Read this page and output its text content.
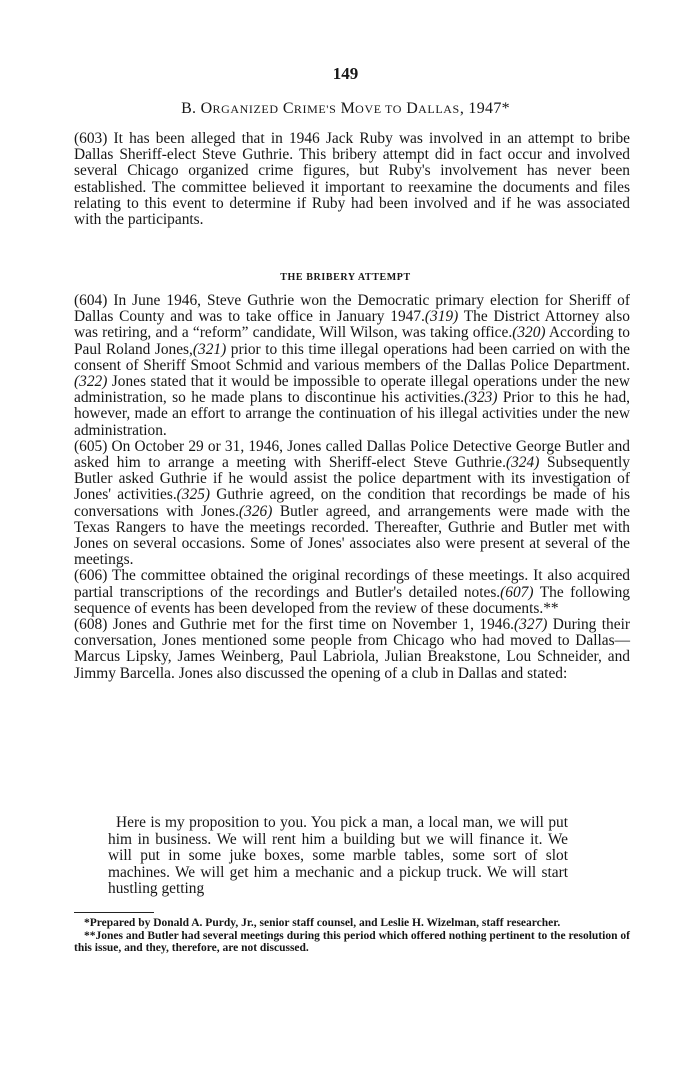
149
B. ORGANIZED CRIME'S MOVE TO DALLAS, 1947*

(603) It has been alleged that in 1946 Jack Ruby was involved in an attempt to bribe Dallas Sheriff-elect Steve Guthrie. This bribery attempt did in fact occur and involved several Chicago organized crime figures, but Ruby's involvement has never been established. The committee believed it important to reexamine the documents and files relating to this event to determine if Ruby had been involved and if he was associated with the participants.

THE BRIBERY ATTEMPT

(604) In June 1946, Steve Guthrie won the Democratic primary election for Sheriff of Dallas County and was to take office in January 1947.(319) The District Attorney also was retiring, and a “reform” candidate, Will Wilson, was taking office.(320) According to Paul Roland Jones,(321) prior to this time illegal operations had been carried on with the consent of Sheriff Smoot Schmid and various members of the Dallas Police Department.(322) Jones stated that it would be impossible to operate illegal operations under the new administration, so he made plans to discontinue his activities.(323) Prior to this he had, however, made an effort to arrange the continuation of his illegal activities under the new administration.

(605) On October 29 or 31, 1946, Jones called Dallas Police Detective George Butler and asked him to arrange a meeting with Sheriff-elect Steve Guthrie.(324) Subsequently Butler asked Guthrie if he would assist the police department with its investigation of Jones' activities.(325) Guthrie agreed, on the condition that recordings be made of his conversations with Jones.(326) Butler agreed, and arrangements were made with the Texas Rangers to have the meetings recorded. Thereafter, Guthrie and Butler met with Jones on several occasions. Some of Jones' associates also were present at several of the meetings.

(606) The committee obtained the original recordings of these meetings. It also acquired partial transcriptions of the recordings and Butler's detailed notes.(607) The following sequence of events has been developed from the review of these documents.**

(608) Jones and Guthrie met for the first time on November 1, 1946.(327) During their conversation, Jones mentioned some people from Chicago who had moved to Dallas—Marcus Lipsky, James Weinberg, Paul Labriola, Julian Breakstone, Lou Schneider, and Jimmy Barcella. Jones also discussed the opening of a club in Dallas and stated:

Here is my proposition to you. You pick a man, a local man, we will put him in business. We will rent him a building but we will finance it. We will put in some juke boxes, some marble tables, some sort of slot machines. We will get him a mechanic and a pickup truck. We will start hustling getting

*Prepared by Donald A. Purdy, Jr., senior staff counsel, and Leslie H. Wizelman, staff researcher.

**Jones and Butler had several meetings during this period which offered nothing pertinent to the resolution of this issue, and they, therefore, are not discussed.
